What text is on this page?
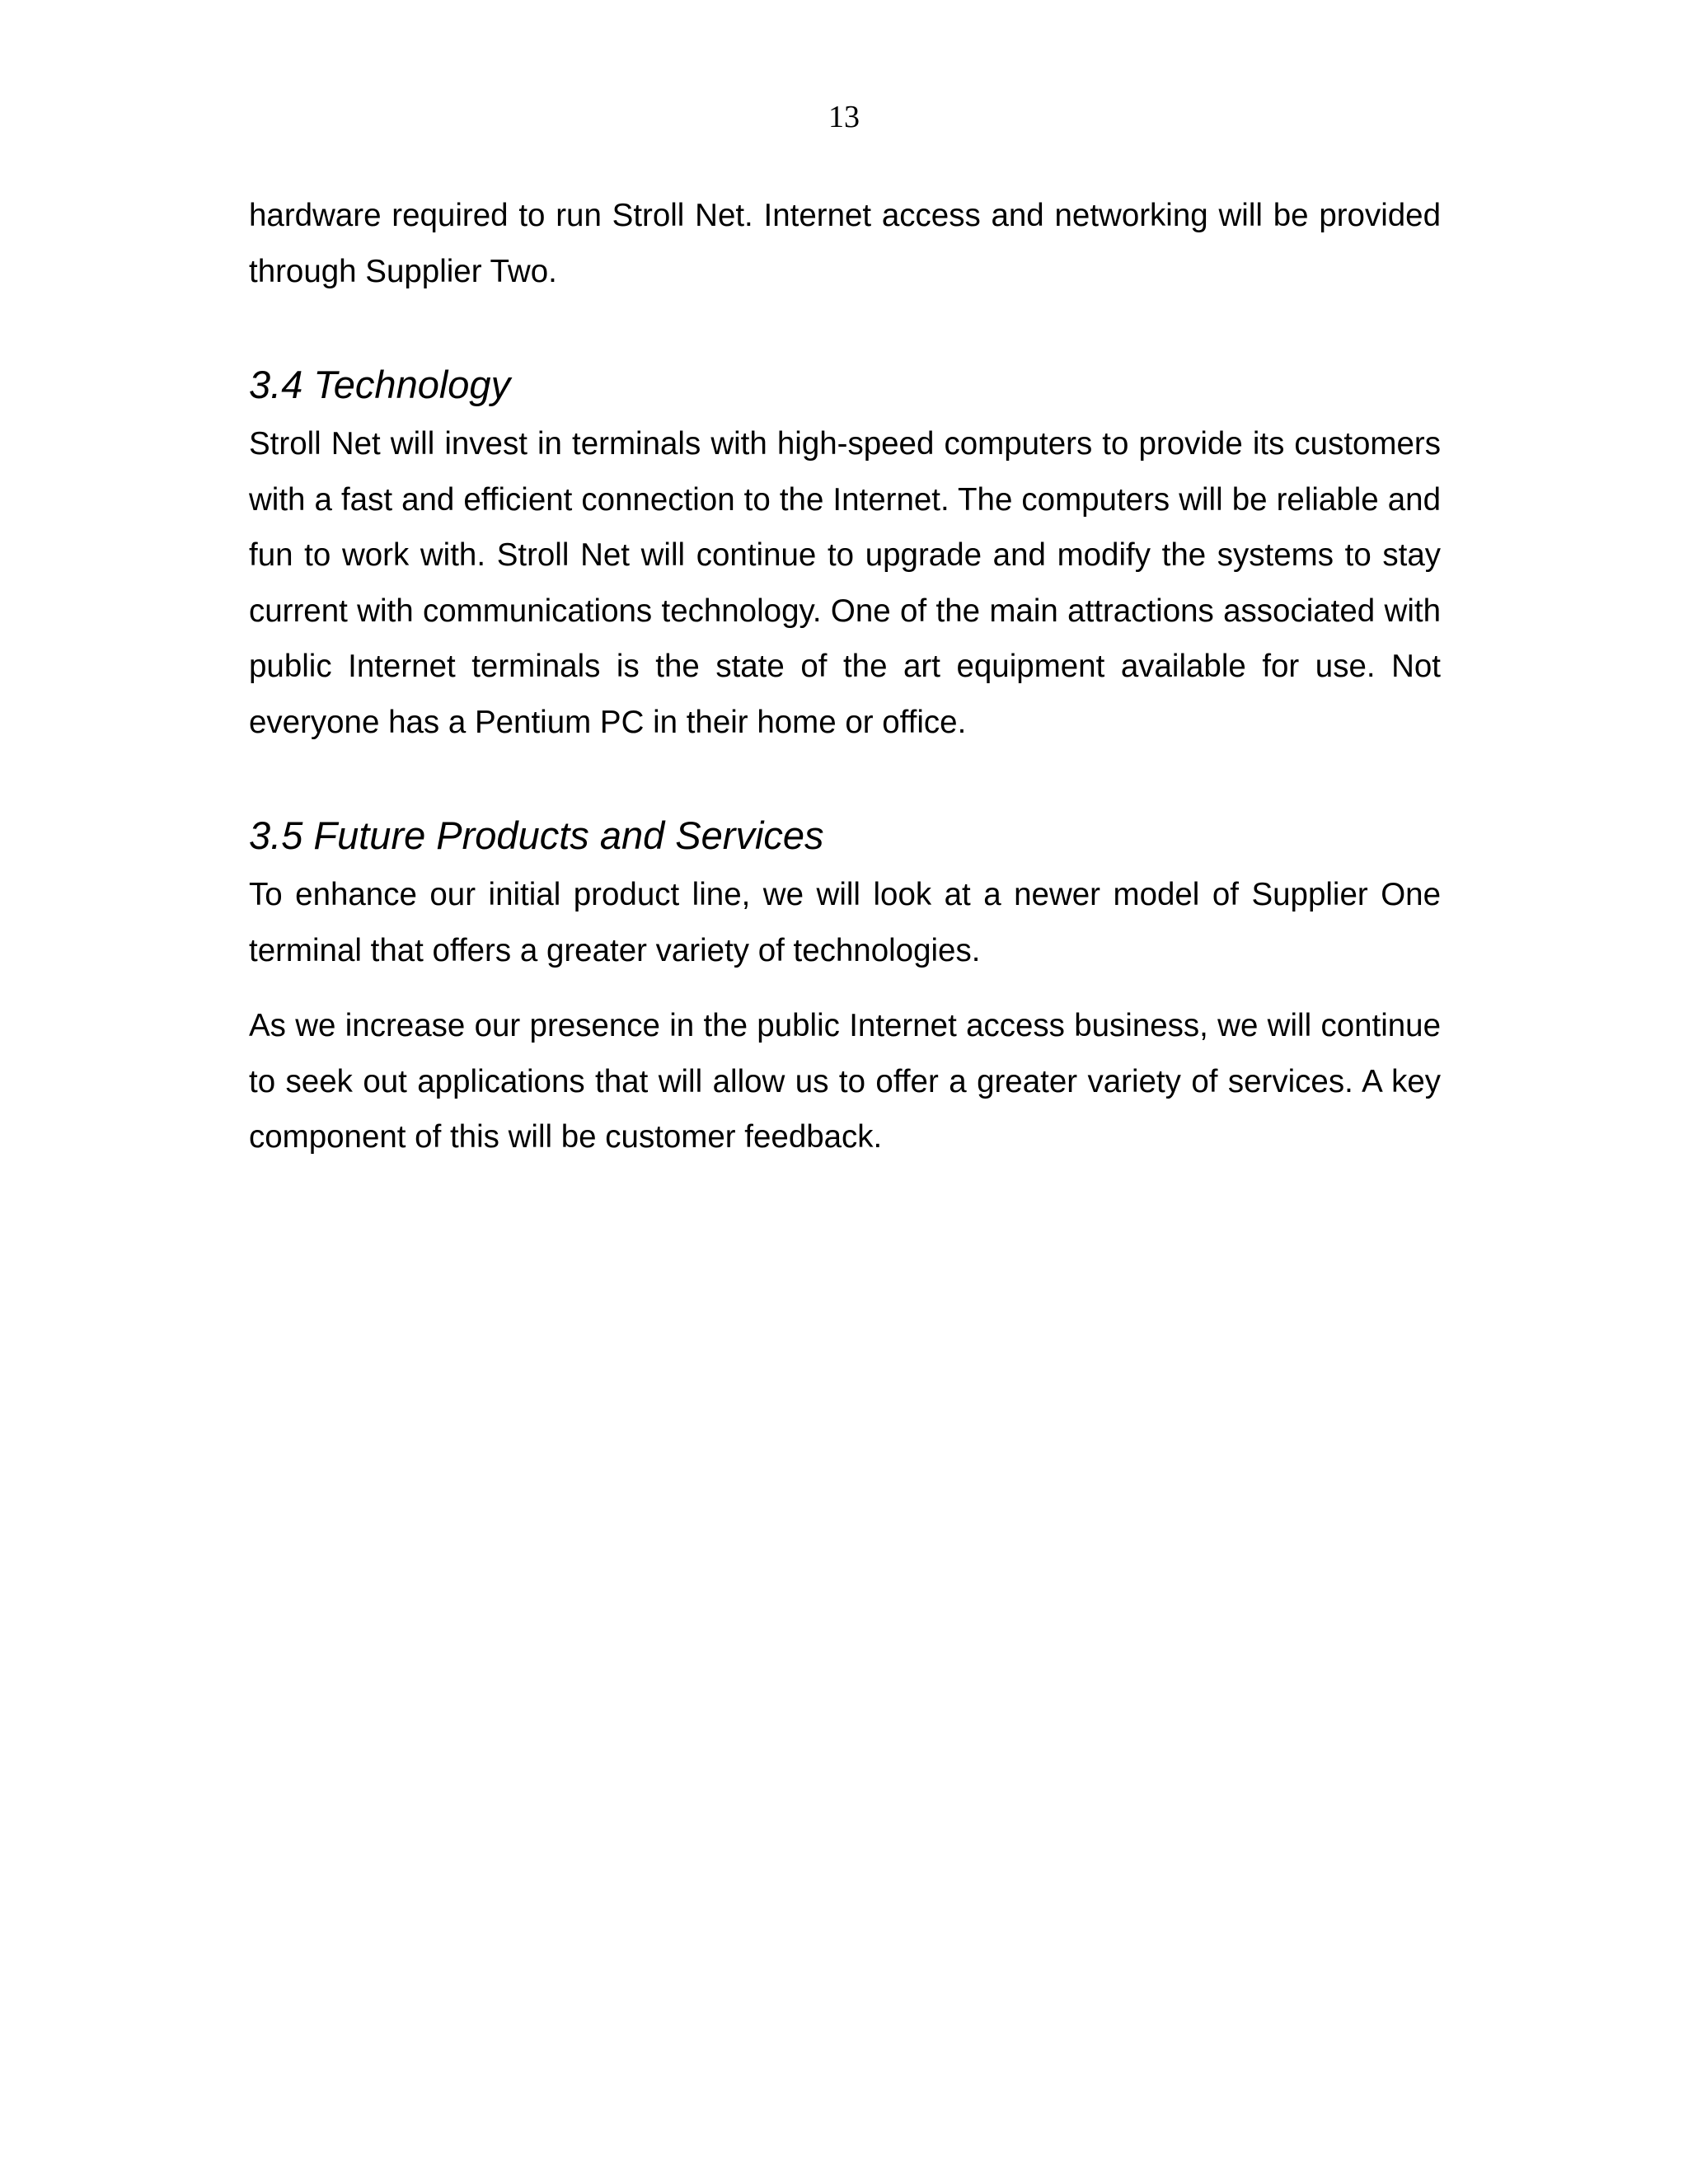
13

hardware required to run Stroll Net. Internet access and networking will be provided through Supplier Two.

3.4 Technology

Stroll Net will invest in terminals with high-speed computers to provide its customers with a fast and efficient connection to the Internet. The computers will be reliable and fun to work with. Stroll Net will continue to upgrade and modify the systems to stay current with communications technology. One of the main attractions associated with public Internet terminals is the state of the art equipment available for use. Not everyone has a Pentium PC in their home or office.

3.5 Future Products and Services

To enhance our initial product line, we will look at a newer model of Supplier One terminal that offers a greater variety of technologies.

As we increase our presence in the public Internet access business, we will continue to seek out applications that will allow us to offer a greater variety of services. A key component of this will be customer feedback.
